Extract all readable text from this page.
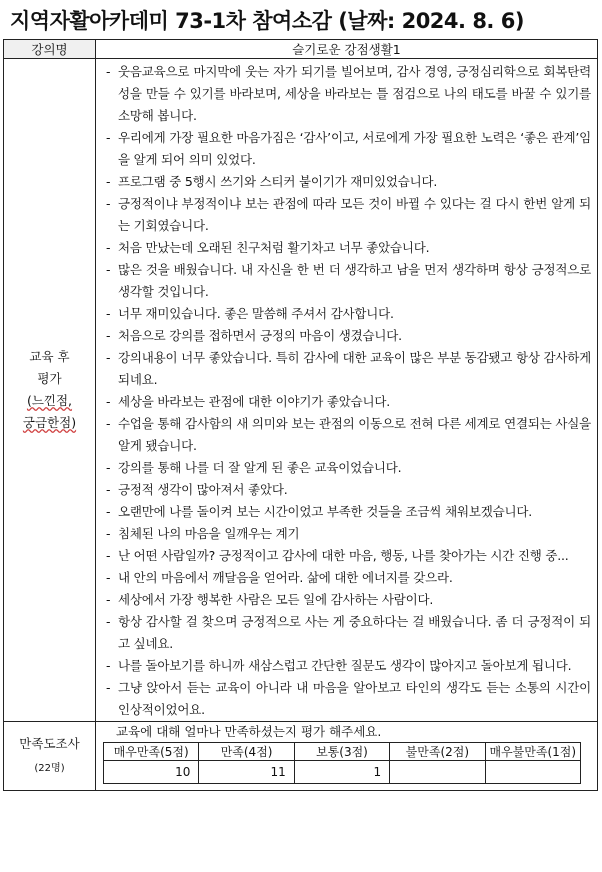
지역자활아카데미 73-1차 참여소감 (날짜: 2024. 8. 6)
강의명	슬기로운 강점생활1

교육 후
평가
(느낀점,
궁금한점)

- 웃음교육으로 마지막에 웃는 자가 되기를 빌어보며, 감사 경영, 긍정심리학으로 회복탄력성을 만들 수 있기를 바라보며, 세상을 바라보는 틀 점검으로 나의 태도를 바꿀 수 있기를 소망해 봅니다.
- 우리에게 가장 필요한 마음가짐은 ‘감사’이고, 서로에게 가장 필요한 노력은 ‘좋은 관계’임을 알게 되어 의미 있었다.
- 프로그램 중 5행시 쓰기와 스티커 붙이기가 재미있었습니다.
- 긍정적이냐 부정적이냐 보는 관점에 따라 모든 것이 바뀔 수 있다는 걸 다시 한번 알게 되는 기회였습니다.
- 처음 만났는데 오래된 친구처럼 활기차고 너무 좋았습니다.
- 많은 것을 배웠습니다. 내 자신을 한 번 더 생각하고 남을 먼저 생각하며 항상 긍정적으로 생각할 것입니다.
- 너무 재미있습니다. 좋은 말씀해 주셔서 감사합니다.
- 처음으로 강의를 접하면서 긍정의 마음이 생겼습니다.
- 강의내용이 너무 좋았습니다. 특히 감사에 대한 교육이 많은 부분 동감됐고 항상 감사하게 되네요.
- 세상을 바라보는 관점에 대한 이야기가 좋았습니다.
- 수업을 통해 감사함의 새 의미와 보는 관점의 이동으로 전혀 다른 세계로 연결되는 사실을 알게 됐습니다.
- 강의를 통해 나를 더 잘 알게 된 좋은 교육이었습니다.
- 긍정적 생각이 많아져서 좋았다.
- 오랜만에 나를 돌이켜 보는 시간이었고 부족한 것들을 조금씩 채워보겠습니다.
- 침체된 나의 마음을 일깨우는 계기
- 난 어떤 사람일까? 긍정적이고 감사에 대한 마음, 행동, 나를 찾아가는 시간 진행 중...
- 내 안의 마음에서 깨달음을 얻어라. 삶에 대한 에너지를 갖으라.
- 세상에서 가장 행복한 사람은 모든 일에 감사하는 사람이다.
- 항상 감사할 걸 찾으며 긍정적으로 사는 게 중요하다는 걸 배웠습니다. 좀 더 긍정적이 되고 싶네요.
- 나를 돌아보기를 하니까 새삼스럽고 간단한 질문도 생각이 많아지고 돌아보게 됩니다.
- 그냥 앉아서 듣는 교육이 아니라 내 마음을 알아보고 타인의 생각도 듣는 소통의 시간이 인상적이었어요.

만족도조사
(22명)

교육에 대해 얼마나 만족하셨는지 평가 해주세요.
매우만족(5점)	만족(4점)	보통(3점)	불만족(2점)	매우불만족(1점)
10	11	1		
